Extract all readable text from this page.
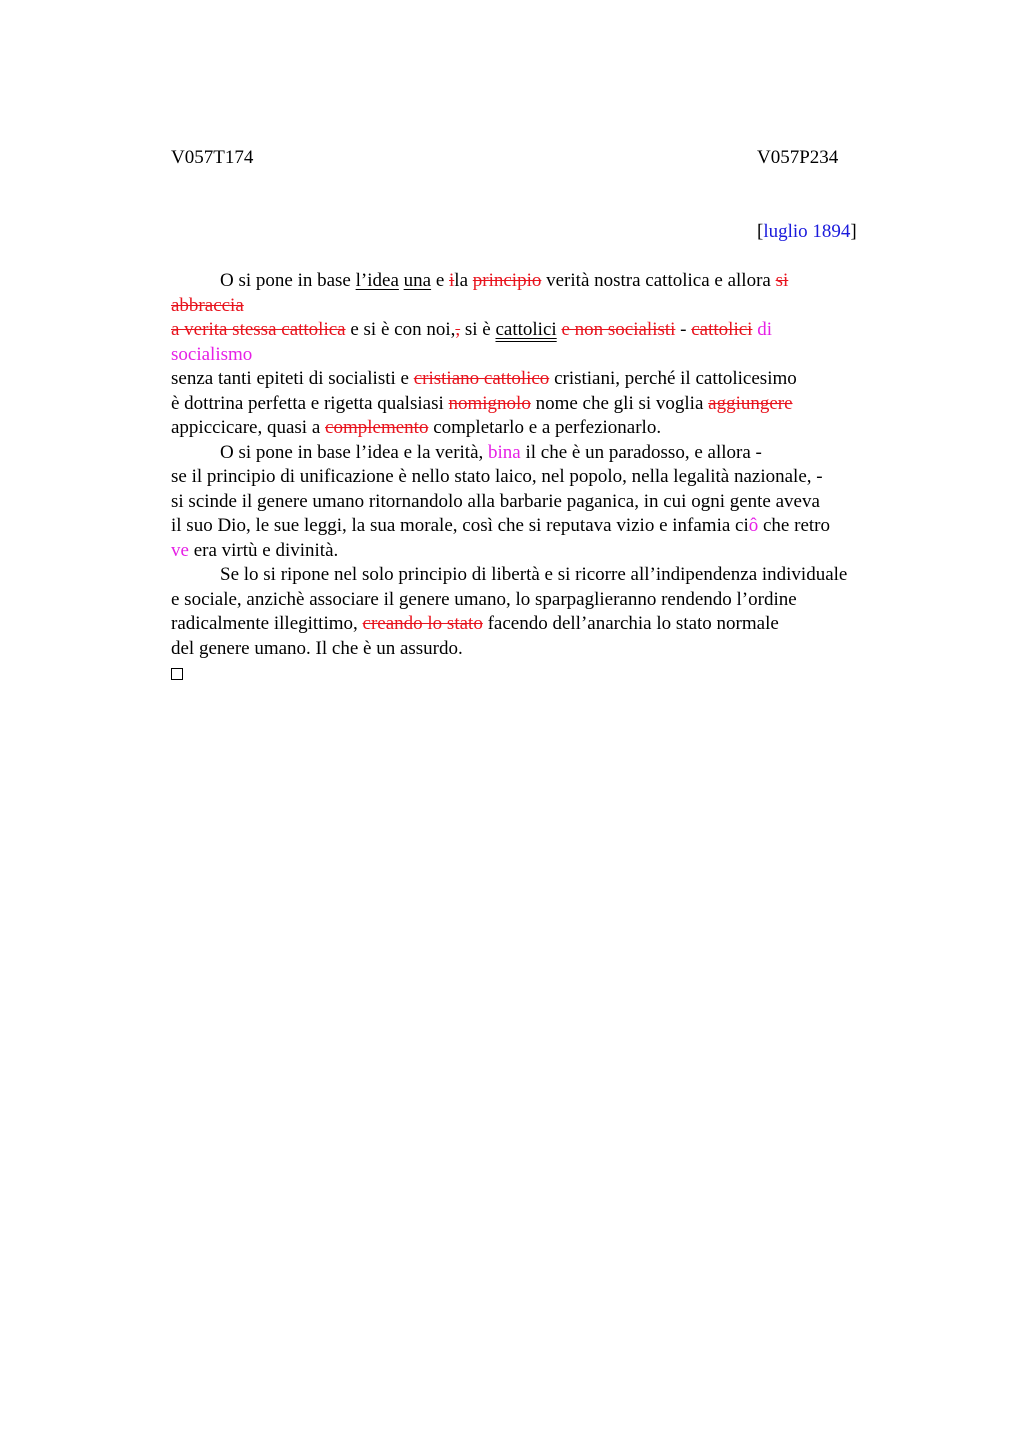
V057T174	V057P234
[luglio 1894]
O si pone in base l’idea una e ila principio verità nostra cattolica e allora si
abbraccia
a verita stessa cattolica e si è con noi,, si è cattolici e non socialisti - cattolici di
socialismo
senza tanti epiteti di socialisti e cristiano cattolico cristiani, perché il cattolicesimo
è dottrina perfetta e rigetta qualsiasi nomignolo nome che gli si voglia aggiungere
appiccicare, quasi a complemento completarlo e a perfezionarlo.
O si pone in base l’idea e la verità, bina il che è un paradosso, e allora -
se il principio di unificazione è nello stato laico, nel popolo, nella legalità nazionale, -
si scinde il genere umano ritornandolo alla barbarie paganica, in cui ogni gente aveva
il suo Dio, le sue leggi, la sua morale, così che si reputava vizio e infamia ciô che retro
ve era virtù e divinità.
Se lo si ripone nel solo principio di libertà e si ricorre all’indipendenza individuale
e sociale, anzichè associare il genere umano, lo sparpaglieranno rendendo l’ordine
radicalmente illegittimo, creando lo stato facendo dell’anarchia lo stato normale
del genere umano. Il che è un assurdo.
